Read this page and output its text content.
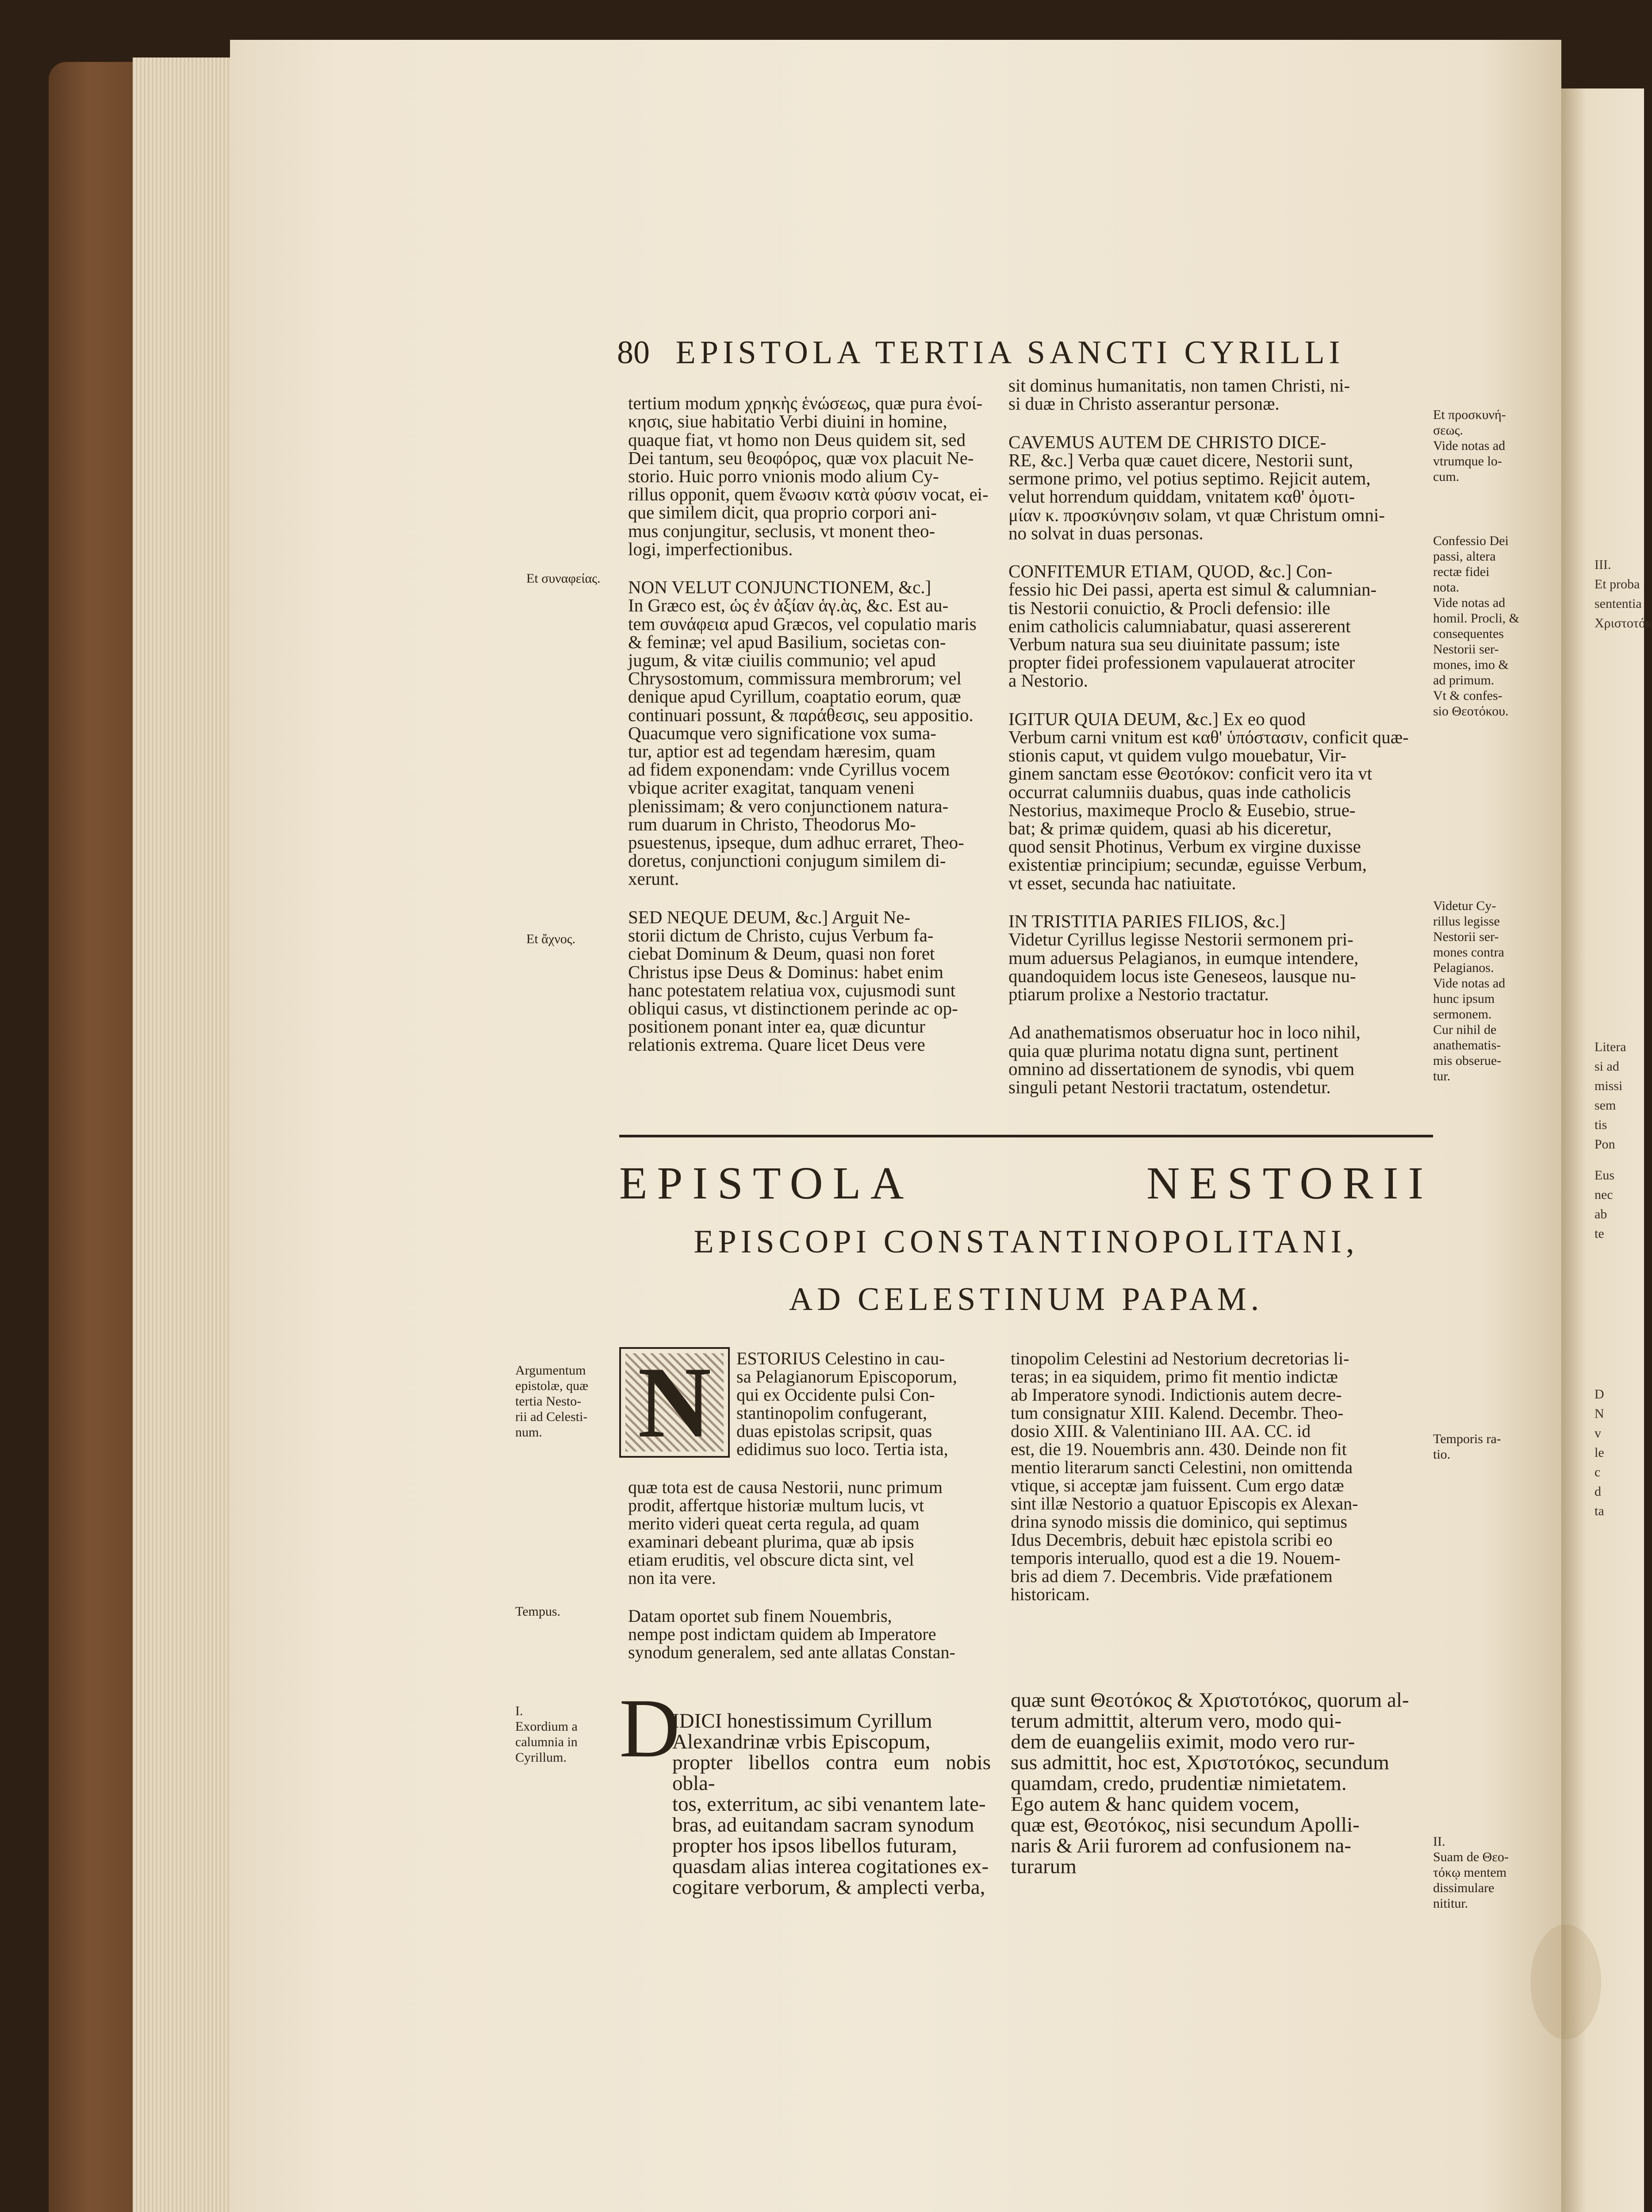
80 EPISTOLA TERTIA SANCTI CYRILLI

tertium modum χρηκὴς ἑνώσεως, quæ pura ἐνοί-
κησις, siue habitatio Verbi diuini in homine,
quaque fiat, vt homo non Deus quidem sit, sed
Dei tantum, seu θεοφόρος, quæ vox placuit Ne-
storio. Huic porro vnionis modo alium Cy-
rillus opponit, quem ἕνωσιν κατὰ φύσιν vocat, ei-
que similem dicit, qua proprio corpori ani-
mus conjungitur, seclusis, vt monent theo-
logi, imperfectionibus.

NON VELUT CONJUNCTIONEM, &c.]
In Græco est, ὡς ἐν ἀξίαν ἁγ.ὰς, &c. Est au-
tem συνάφεια apud Græcos, vel copulatio maris
& feminæ; vel apud Basilium, societas con-
jugum, & vitæ ciuilis communio; vel apud
Chrysostomum, commissura membrorum; vel
denique apud Cyrillum, coaptatio eorum, quæ
continuari possunt, & παράθεσις, seu appositio.
Quacumque vero significatione vox suma-
tur, aptior est ad tegendam hæresim, quam
ad fidem exponendam: vnde Cyrillus vocem
vbique acriter exagitat, tanquam veneni
plenissimam; & vero conjunctionem natura-
rum duarum in Christo, Theodorus Mo-
psuestenus, ipseque, dum adhuc erraret, Theo-
doretus, conjunctioni conjugum similem di-
xerunt.

SED NEQUE DEUM, &c.] Arguit Ne-
storii dictum de Christo, cujus Verbum fa-
ciebat Dominum & Deum, quasi non foret
Christus ipse Deus & Dominus: habet enim
hanc potestatem relatiua vox, cujusmodi sunt
obliqui casus, vt distinctionem perinde ac op-
positionem ponant inter ea, quæ dicuntur
relationis extrema. Quare licet Deus vere

sit dominus humanitatis, non tamen Christi, ni-
si duæ in Christo asserantur personæ.

CAVEMUS AUTEM DE CHRISTO DICE-
RE, &c.] Verba quæ cauet dicere, Nestorii sunt,
sermone primo, vel potius septimo. Rejicit autem,
velut horrendum quiddam, vnitatem καθ' ὁμοτι-
μίαν κ. προσκύνησιν solam, vt quæ Christum omni-
no solvat in duas personas.

CONFITEMUR ETIAM, QUOD, &c.] Con-
fessio hic Dei passi, aperta est simul & calumnian-
tis Nestorii conuictio, & Procli defensio: ille
enim catholicis calumniabatur, quasi assererent
Verbum natura sua seu diuinitate passum; iste
propter fidei professionem vapulauerat atrociter
a Nestorio.

IGITUR QUIA DEUM, &c.] Ex eo quod
Verbum carni vnitum est καθ' ὑπόστασιν, conficit quæ-
stionis caput, vt quidem vulgo mouebatur, Vir-
ginem sanctam esse Θεοτόκον: conficit vero ita vt
occurrat calumniis duabus, quas inde catholicis
Nestorius, maximeque Proclo & Eusebio, strue-
bat; & primæ quidem, quasi ab his diceretur,
quod sensit Photinus, Verbum ex virgine duxisse
existentiæ principium; secundæ, eguisse Verbum,
vt esset, secunda hac natiuitate.

IN TRISTITIA PARIES FILIOS, &c.]
Videtur Cyrillus legisse Nestorii sermonem pri-
mum aduersus Pelagianos, in eumque intendere,
quandoquidem locus iste Geneseos, lausque nu-
ptiarum prolixe a Nestorio tractatur.

Ad anathematismos obseruatur hoc in loco nihil,
quia quæ plurima notatu digna sunt, pertinent
omnino ad dissertationem de synodis, vbi quem
singuli petant Nestorii tractatum, ostendetur.

Et συναφείας.
Et ἄχνος.
Et προσκυνή-
σεως.
Vide notas ad
vtrumque lo-
cum.
Confessio Dei
passi, altera
rectæ fidei
nota.
Vide notas ad
homil. Procli, &
consequentes
Nestorii ser-
mones, imo &
ad primum.
Vt & confes-
sio Θεοτόκου.
Videtur Cy-
rillus legisse
Nestorii ser-
mones contra
Pelagianos.
Vide notas ad
hunc ipsum
sermonem.
Cur nihil de
anathematis-
mis obserue-
tur.
EPISTOLA NESTORII
EPISCOPI CONSTANTINOPOLITANI,
AD CELESTINUM PAPAM.
N	ESTORIUS Celestino in cau-
sa Pelagianorum Episcoporum,
qui ex Occidente pulsi Con-
stantinopolim confugerant,
duas epistolas scripsit, quas
edidimus suo loco. Tertia ista,

quæ tota est de causa Nestorii, nunc primum
prodit, affertque historiæ multum lucis, vt
merito videri queat certa regula, ad quam
examinari debeant plurima, quæ ab ipsis
etiam eruditis, vel obscure dicta sint, vel
non ita vere.

Datam oportet sub finem Nouembris,
nempe post indictam quidem ab Imperatore
synodum generalem, sed ante allatas Constan-

tinopolim Celestini ad Nestorium decretorias li-
teras; in ea siquidem, primo fit mentio indictæ
ab Imperatore synodi. Indictionis autem decre-
tum consignatur XIII. Kalend. Decembr. Theo-
dosio XIII. & Valentiniano III. AA. CC. id
est, die 19. Nouembris ann. 430. Deinde non fit
mentio literarum sancti Celestini, non omittenda
vtique, si acceptæ jam fuissent. Cum ergo datæ
sint illæ Nestorio a quatuor Episcopis ex Alexan-
drina synodo missis die dominico, qui septimus
Idus Decembris, debuit hæc epistola scribi eo
temporis interuallo, quod est a die 19. Nouem-
bris ad diem 7. Decembris. Vide præfationem
historicam.
Argumentum
epistolæ, quæ
tertia Nesto-
rii ad Celesti-
num.
Tempus.
Temporis ra-
tio.
D

IDICI honestissimum Cyrillum
Alexandrinæ vrbis Episcopum,
propter libellos contra eum nobis obla-
tos, exterritum, ac sibi venantem late-
bras, ad euitandam sacram synodum
propter hos ipsos libellos futuram,
quasdam alias interea cogitationes ex-
cogitare verborum, & amplecti verba,

quæ sunt Θεοτόκος & Χριστοτόκος, quorum al-
terum admittit, alterum vero, modo qui-
dem de euangeliis eximit, modo vero rur-
sus admittit, hoc est, Χριστοτόκος, secundum
quamdam, credo, prudentiæ nimietatem.
Ego autem & hanc quidem vocem,
quæ est, Θεοτόκος, nisi secundum Apolli-
naris & Arii furorem ad confusionem na-
turarum
I.
Exordium a
calumnia in
Cyrillum.
II.
Suam de Θεο-
τόκῳ mentem
dissimulare
nititur.
III.
Et proba
sententia
Χριστοτόκ
Litera
si ad
missi
sem
tis
Pon
Eus
nec
ab
te
D
N
v
le
c
d
ta
